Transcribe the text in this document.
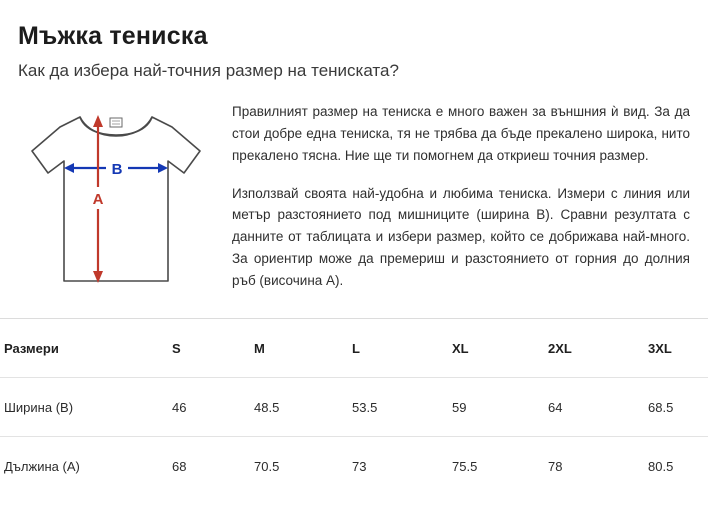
Мъжка тениска
Как да избера най-точния размер на тениската?
B
A

Правилният размер на тениска е много важен за външния ѝ вид. За да стои добре една тениска, тя не трябва да бъде прекалено широка, нито прекалено тясна. Ние ще ти помогнем да откриеш точния размер.

Използвай своята най-удобна и любима тениска. Измери с линия или метър разстоянието под мишниците (ширина B). Сравни резултата с данните от таблицата и избери размер, който се добрижава най-много. За ориентир може да премериш и разстоянието от горния до долния ръб (височина A).

Размери	S	M	L	XL	2XL	3XL
Ширина (B)	46	48.5	53.5	59	64	68.5
Дължина (A)	68	70.5	73	75.5	78	80.5
